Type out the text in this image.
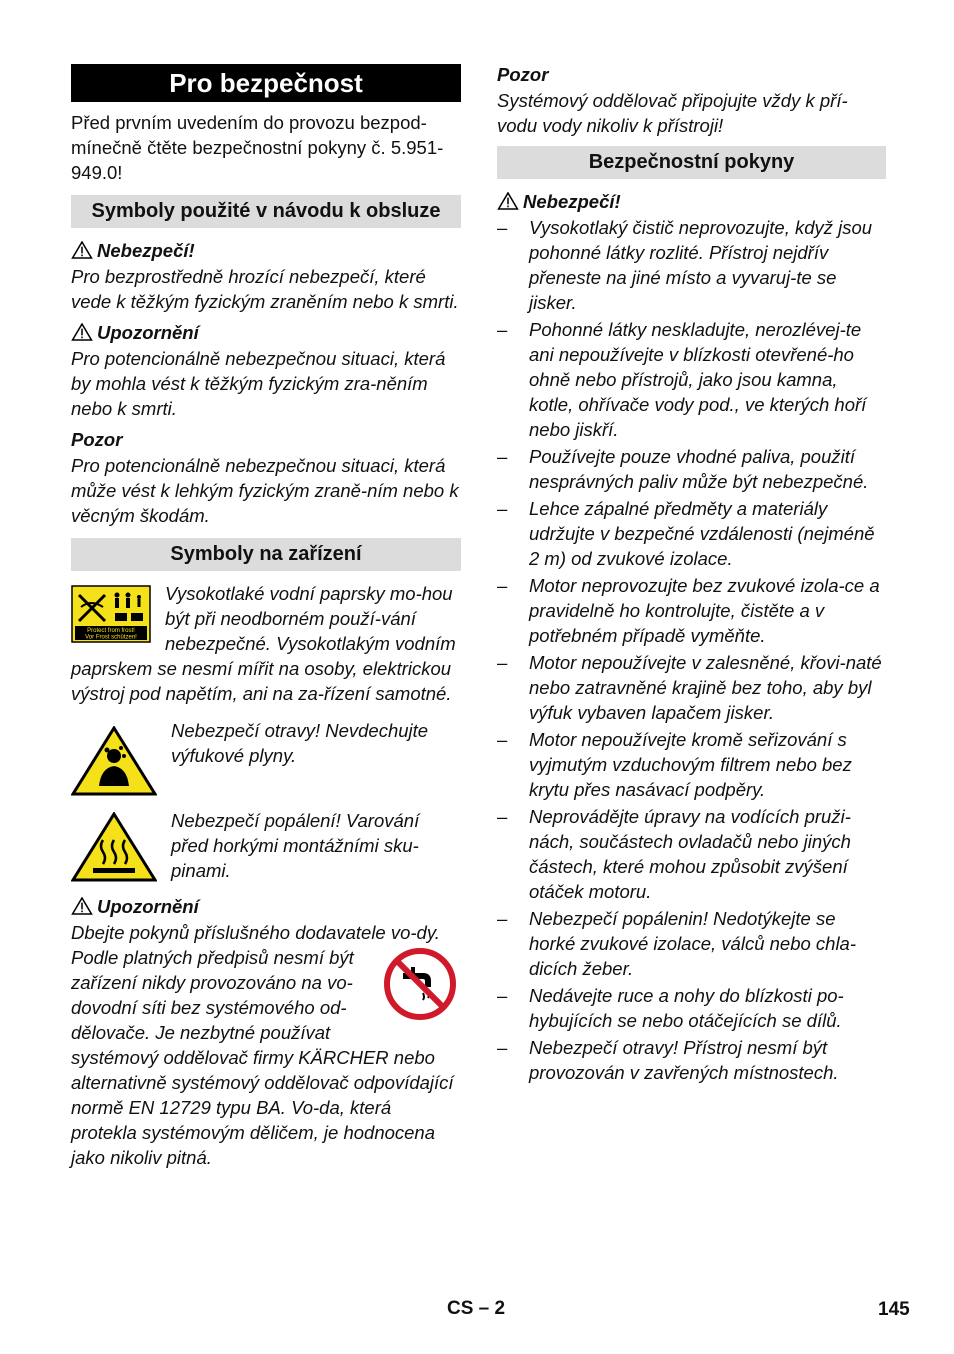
Pro bezpečnost

Před prvním uvedením do provozu bezpod-mínečně čtěte bezpečnostní pokyny č. 5.951-949.0!

Symboly použité v návodu k obsluze
Nebezpečí!

Pro bezprostředně hrozící nebezpečí, které vede k těžkým fyzickým zraněním nebo k smrti.

Upozornění

Pro potencionálně nebezpečnou situaci, která by mohla vést k těžkým fyzickým zra-něním nebo k smrti.

Pozor

Pro potencionálně nebezpečnou situaci, která může vést k lehkým fyzickým zraně-ním nebo k věcným škodám.

Symboly na zařízení
Protect from frost!
Vor Frost schützen!

Vysokotlaké vodní paprsky mo-hou být při neodborném použí-vání nebezpečné. Vysokotlakým vodním paprskem se nesmí mířit na osoby, elektrickou výstroj pod napětím, ani na za-řízení samotné.

Nebezpečí otravy! Nevdechujte výfukové plyny.

Nebezpečí popálení! Varování před horkými montážními sku-pinami.

Upozornění

Dbejte pokynů příslušného dodavatele vo-dy.

Podle platných předpisů nesmí být zařízení nikdy provozováno na vo-dovodní síti bez systémového od-dělovače. Je nezbytné používat systémový oddělovač firmy KÄRCHER nebo alternativně systémový oddělovač odpovídající normě EN 12729 typu BA. Vo-da, která protekla systémovým děličem, je hodnocena jako nikoliv pitná.

Pozor

Systémový oddělovač připojujte vždy k pří-vodu vody nikoliv k přístroji!

Bezpečnostní pokyny
Nebezpečí!
– Vysokotlaký čistič neprovozujte, když jsou pohonné látky rozlité. Přístroj nejdřív přeneste na jiné místo a vyvaruj-te se jisker.
– Pohonné látky neskladujte, nerozlévej-te ani nepoužívejte v blízkosti otevřené-ho ohně nebo přístrojů, jako jsou kamna, kotle, ohřívače vody pod., ve kterých hoří nebo jiskří.
– Používejte pouze vhodné paliva, použití nesprávných paliv může být nebezpečné.
– Lehce zápalné předměty a materiály udržujte v bezpečné vzdálenosti (nejméně 2 m) od zvukové izolace.
– Motor neprovozujte bez zvukové izola-ce a pravidelně ho kontrolujte, čistěte a v potřebném případě vyměňte.
– Motor nepoužívejte v zalesněné, křovi-naté nebo zatravněné krajině bez toho, aby byl výfuk vybaven lapačem jisker.
– Motor nepoužívejte kromě seřizování s vyjmutým vzduchovým filtrem nebo bez krytu přes nasávací podpěry.
– Neprovádějte úpravy na vodících pruži-nách, součástech ovladačů nebo jiných částech, které mohou způsobit zvýšení otáček motoru.
– Nebezpečí popálenin! Nedotýkejte se horké zvukové izolace, válců nebo chla-dicích žeber.
– Nedávejte ruce a nohy do blízkosti po-hybujících se nebo otáčejících se dílů.
– Nebezpečí otravy! Přístroj nesmí být provozován v zavřených místnostech.
CS – 2	145
